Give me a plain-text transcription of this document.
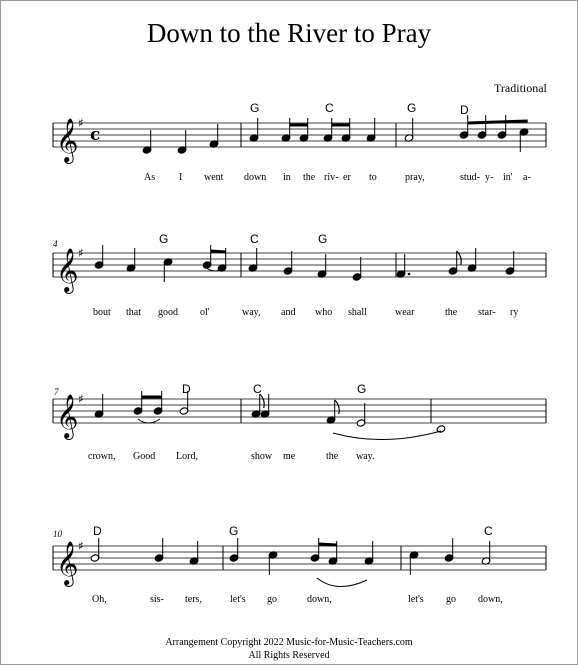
Down to the River to Pray
Traditional
𝄞 ♯
c
G	C	G	D
As I went down in the riv- er to	pray,	stud- y- in' a-
𝄞 ♯
4	G	C	G
bout that good ol'	way, and who shall	wear	the star- ry
𝄞 ♯
7	D	C	G
crown, Good Lord,	show me	the way.
𝄞 ♯
10	D	G	C
Oh,	sis- ters,	let's go	down,	let's go down,
Arrangement Copyright 2022 Music-for-Music-Teachers.com
All Rights Reserved
